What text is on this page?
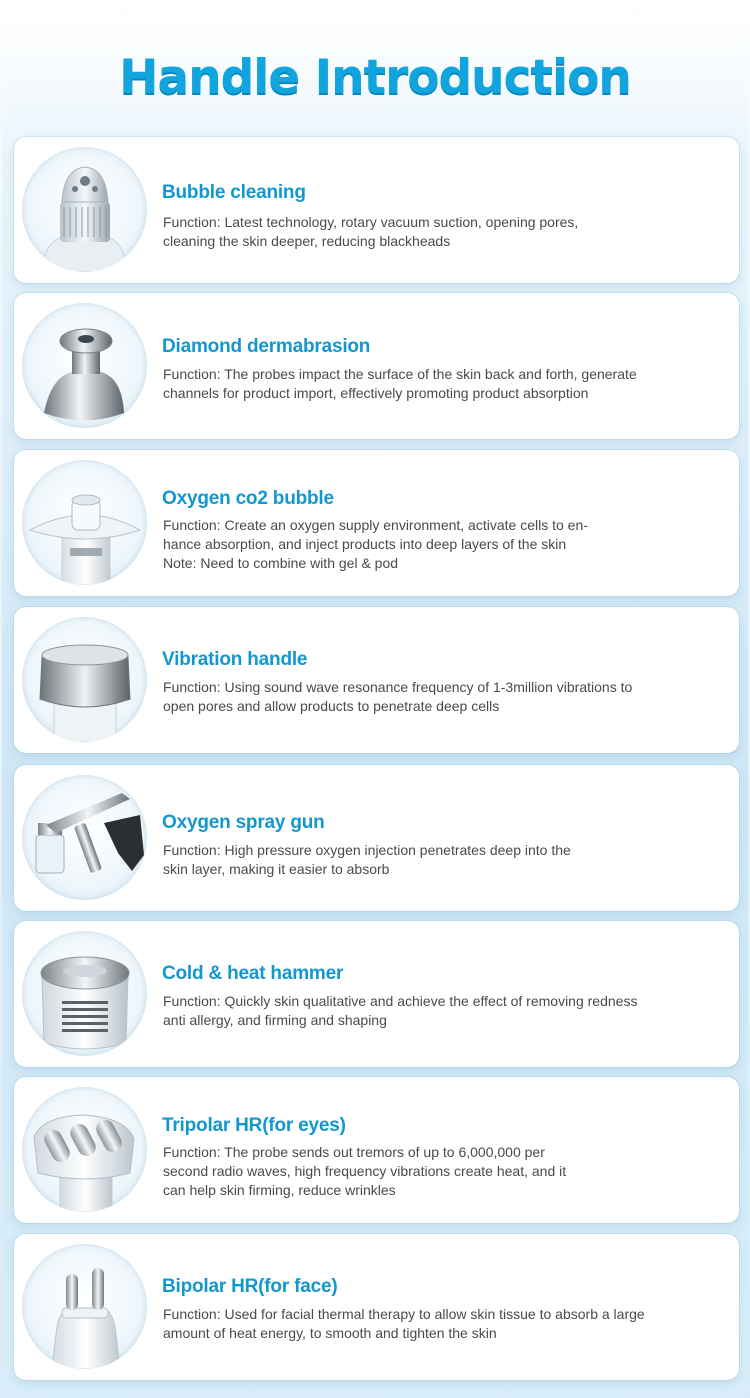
Handle Introduction
Bubble cleaning
Function: Latest technology, rotary vacuum suction, opening pores,
cleaning the skin deeper, reducing blackheads
Diamond dermabrasion
Function: The probes impact the surface of the skin back and forth, generate
channels for product import, effectively promoting product absorption
Oxygen co2 bubble
Function: Create an oxygen supply environment, activate cells to en-
hance absorption, and inject products into deep layers of the skin
Note: Need to combine with gel & pod
Vibration handle
Function: Using sound wave resonance frequency of 1-3million vibrations to
open pores and allow products to penetrate deep cells
Oxygen spray gun
Function: High pressure oxygen injection penetrates deep into the
skin layer, making it easier to absorb
Cold & heat hammer
Function: Quickly skin qualitative and achieve the effect of removing redness
anti allergy, and firming and shaping
Tripolar HR(for eyes)
Function: The probe sends out tremors of up to 6,000,000 per
second radio waves, high frequency vibrations create heat, and it
can help skin firming, reduce wrinkles
Bipolar HR(for face)
Function: Used for facial thermal therapy to allow skin tissue to absorb a large
amount of heat energy, to smooth and tighten the skin
